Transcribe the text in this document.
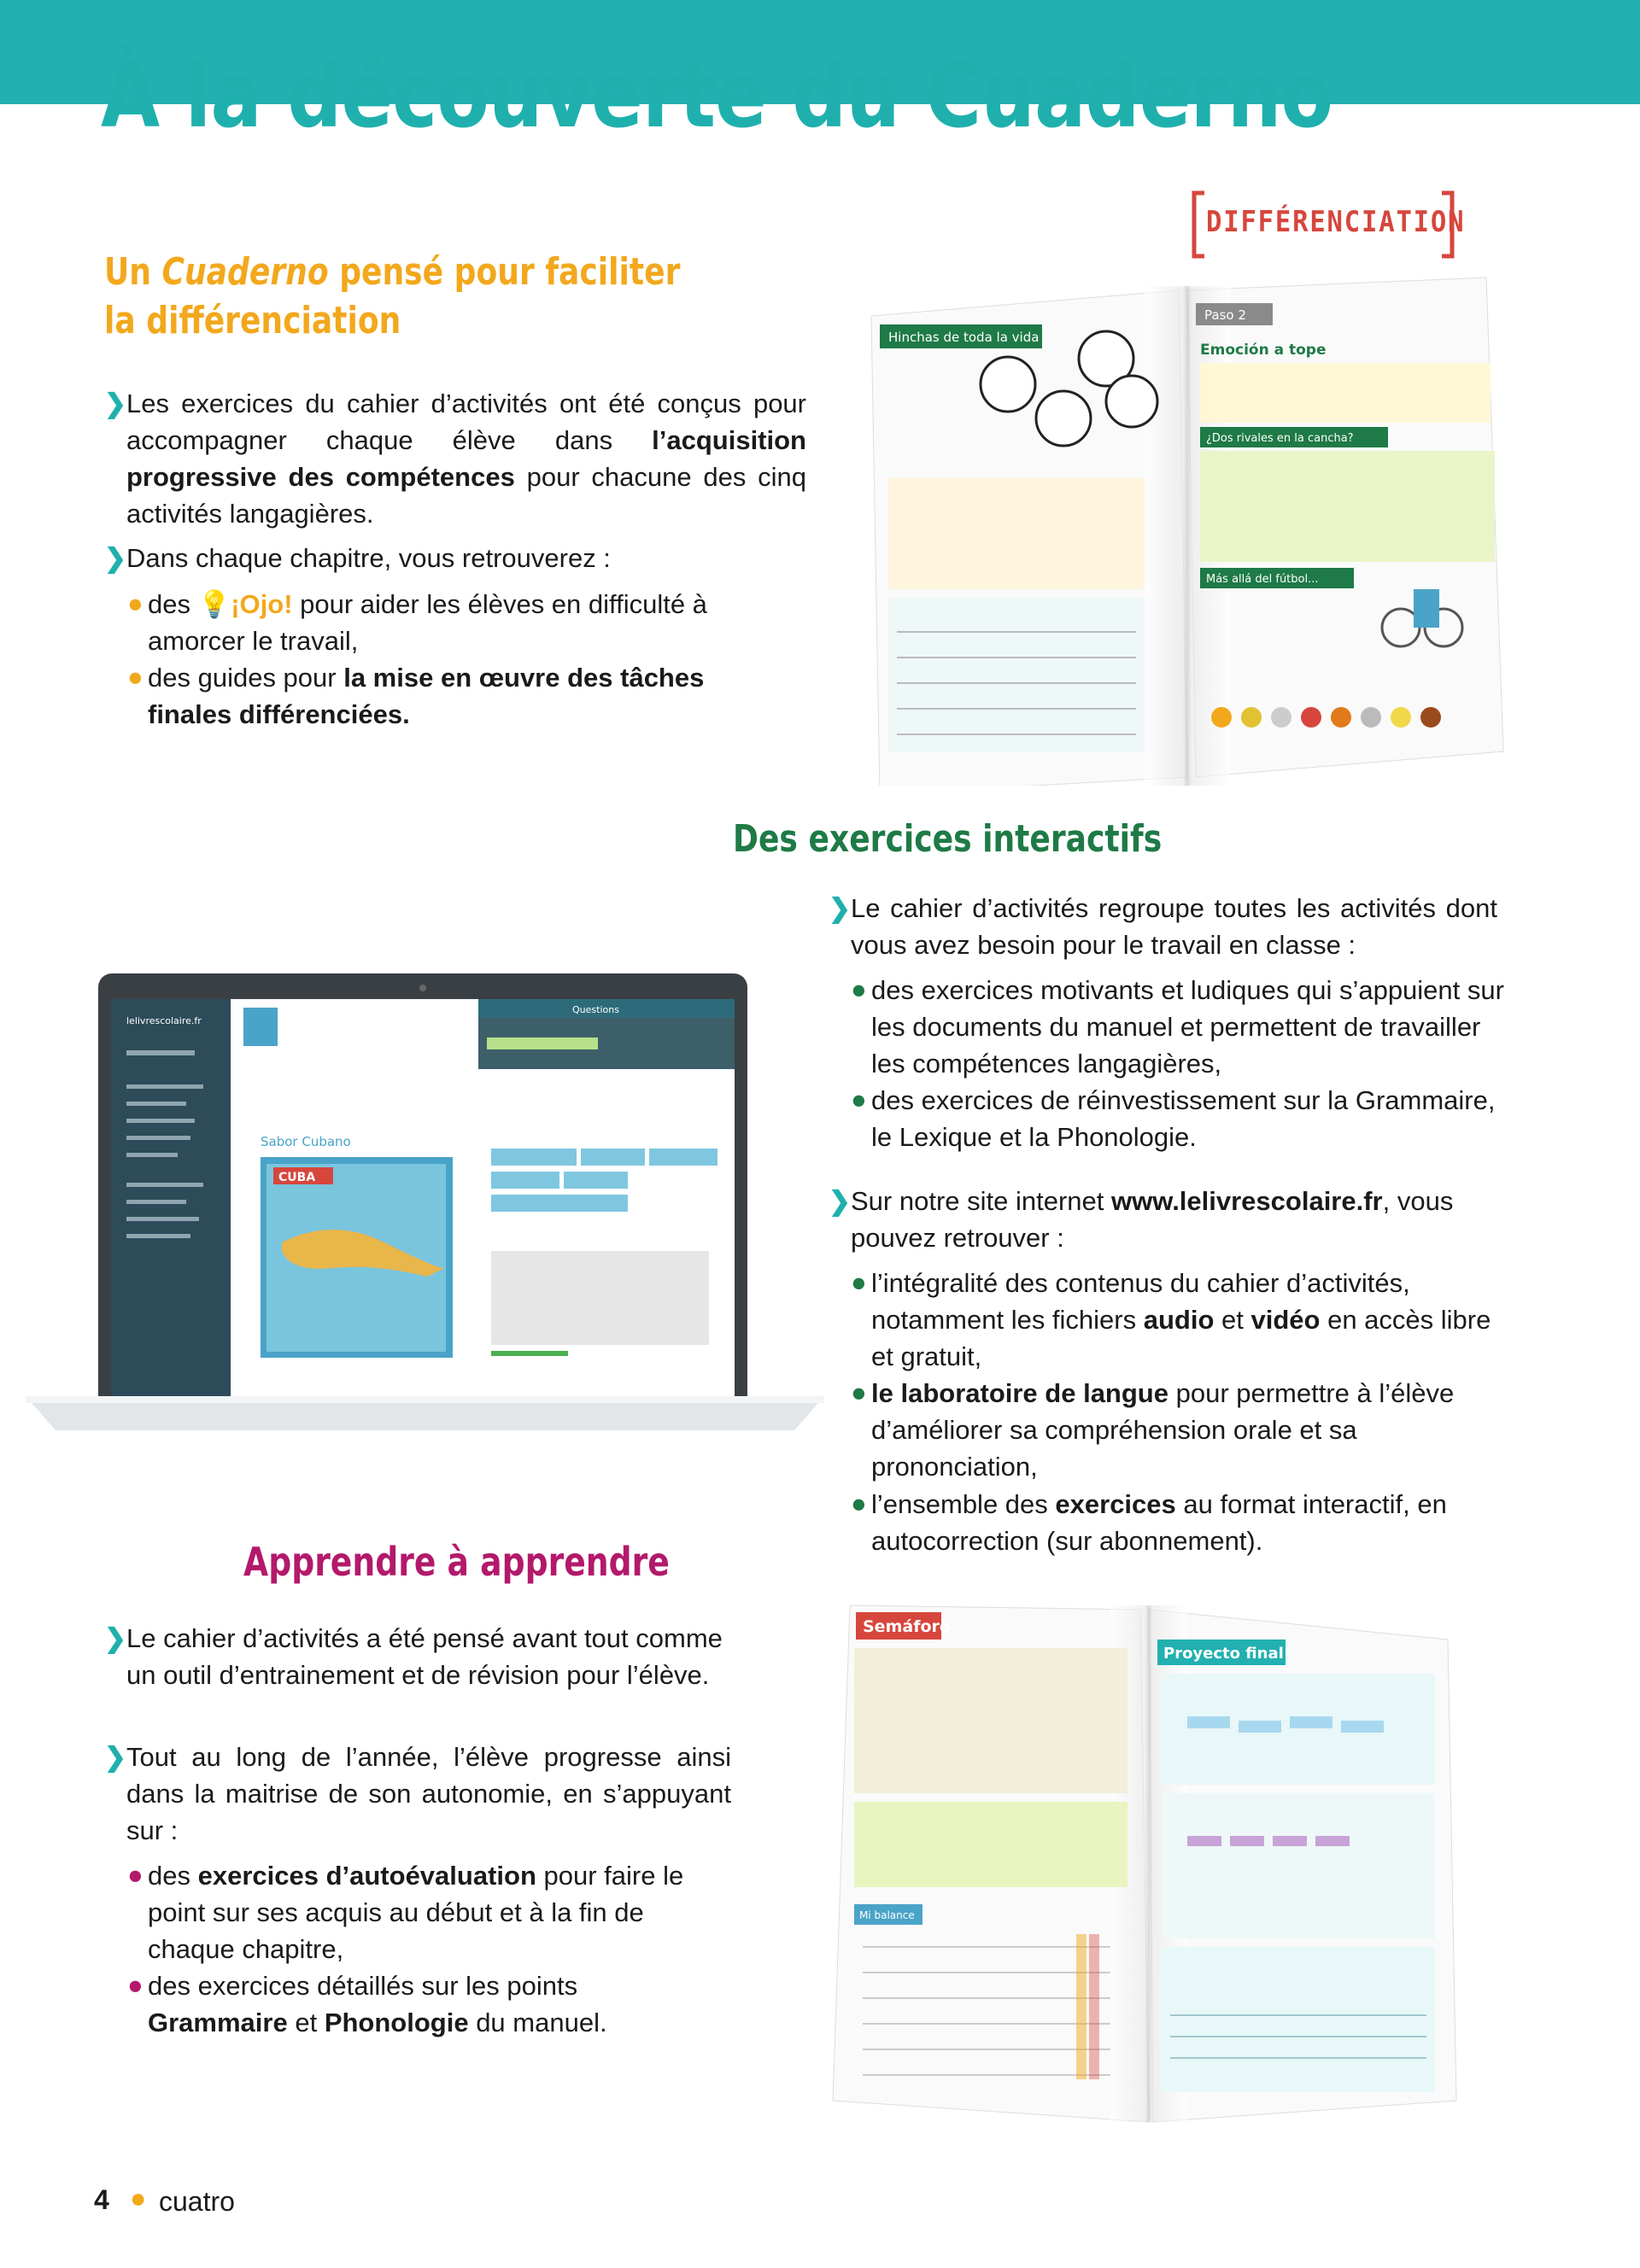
À la découverte du Cuaderno
Un Cuaderno pensé pour faciliter
la différenciation
❯ Les exercices du cahier d’activités ont été conçus pour accompagner chaque élève dans l’acquisition progressive des compétences pour chacune des cinq activités langagières.
❯ Dans chaque chapitre, vous retrouverez :
● des 💡¡Ojo! pour aider les élèves en difficulté à amorcer le travail,
● des guides pour la mise en œuvre des tâches finales différenciées.
DIFFÉRENCIATION
Hinchas de toda la vida
Paso 2
Emoción a tope
¿Dos rivales en la cancha?
Más allá del fútbol...
Des exercices interactifs
❯ Le cahier d’activités regroupe toutes les activités dont vous avez besoin pour le travail en classe :
● des exercices motivants et ludiques qui s’appuient sur les documents du manuel et permettent de travailler les compétences langagières,
● des exercices de réinvestissement sur la Grammaire, le Lexique et la Phonologie.
❯ Sur notre site internet www.lelivrescolaire.fr, vous pouvez retrouver :
● l’intégralité des contenus du cahier d’activités, notamment les fichiers audio et vidéo en accès libre et gratuit,
● le laboratoire de langue pour permettre à l’élève d’améliorer sa compréhension orale et sa prononciation,
● l’ensemble des exercices au format interactif, en autocorrection (sur abonnement).
lelivrescolaire.fr
Sabor Cubano
CUBA
Questions
Apprendre à apprendre
❯ Le cahier d’activités a été pensé avant tout comme un outil d’entrainement et de révision pour l’élève.
❯ Tout au long de l’année, l’élève progresse ainsi dans la maitrise de son autonomie, en s’appuyant sur :
● des exercices d’autoévaluation pour faire le point sur ses acquis au début et à la fin de chaque chapitre,
● des exercices détaillés sur les points Grammaire et Phonologie du manuel.
Semáforo
Mi balance
Proyecto final
4 ● cuatro
